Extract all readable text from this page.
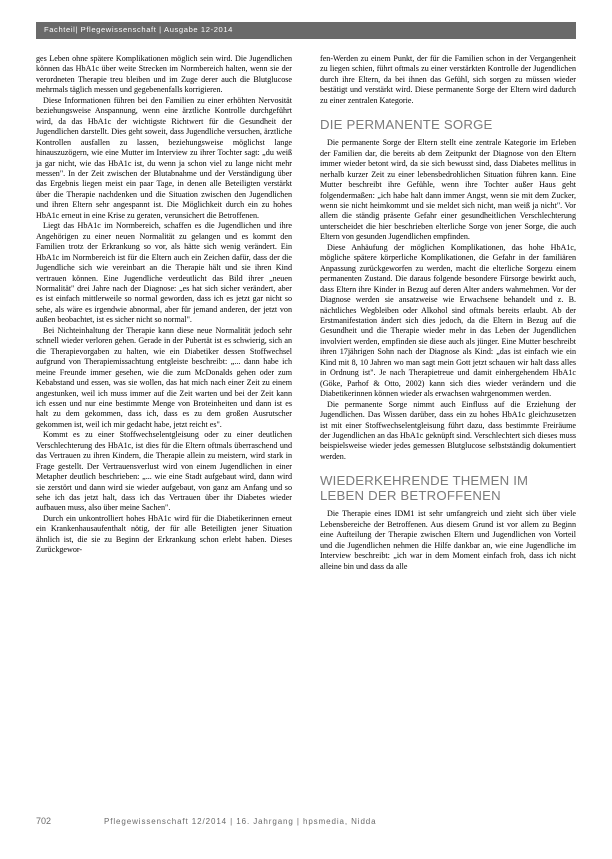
Fachteil| Pflegewissenschaft | Ausgabe 12-2014

ges Leben ohne spätere Komplikationen möglich sein wird. Die Jugendlichen können das HbA1c über weite Strecken im Normbereich halten, wenn sie der verordneten Therapie treu bleiben und im Zuge derer auch die Blutglucose mehrmals täglich messen und gegebenenfalls korrigieren.

Diese Informationen führen bei den Familien zu einer erhöhten Nervosität beziehungsweise Anspannung, wenn eine ärztliche Kontrolle durchgeführt wird, da das HbA1c der wichtigste Richtwert für die Gesundheit der Jugendlichen darstellt. Dies geht soweit, dass Jugendliche versuchen, ärztliche Kontrollen ausfallen zu lassen, beziehungsweise möglichst lange hinauszuzögern, wie eine Mutter im Interview zu ihrer Tochter sagt: „du weiß ja gar nicht, wie das HbA1c ist, du wenn ja schon viel zu lange nicht mehr messen". In der Zeit zwischen der Blutabnahme und der Verständigung über das Ergebnis liegen meist ein paar Tage, in denen alle Beteiligten verstärkt über die Therapie nachdenken und die Situation zwischen den Jugendlichen und ihren Eltern sehr angespannt ist. Die Möglichkeit durch ein zu hohes HbA1c erneut in eine Krise zu geraten, verunsichert die Betroffenen.

Liegt das HbA1c im Normbereich, schaffen es die Jugendlichen und ihre Angehörigen zu einer neuen Normalität zu gelangen und es kommt den Familien trotz der Erkrankung so vor, als hätte sich wenig verändert. Ein HbA1c im Normbereich ist für die Eltern auch ein Zeichen dafür, dass der die Jugendliche sich wie vereinbart an die Therapie hält und sie ihren Kind vertrauen können. Eine Jugendliche verdeutlicht das Bild ihrer „neuen Normalität" drei Jahre nach der Diagnose: „es hat sich sicher verändert, aber es ist einfach mittlerweile so normal geworden, dass ich es jetzt gar nicht so sehe, als wäre es irgendwie abnormal, aber für jemand anderen, der jetzt von außen beobachtet, ist es sicher nicht so normal".

Bei Nichteinhaltung der Therapie kann diese neue Normalität jedoch sehr schnell wieder verloren gehen. Gerade in der Pubertät ist es schwierig, sich an die Therapievorgaben zu halten, wie ein Diabetiker dessen Stoffwechsel aufgrund von Therapiemissachtung entgleiste beschreibt: „... dann habe ich meine Freunde immer gesehen, wie die zum McDonalds gehen oder zum Kebabstand und essen, was sie wollen, das hat mich nach einer Zeit zu einem angestunken, weil ich muss immer auf die Zeit warten und bei der Zeit kann ich essen und nur eine bestimmte Menge von Broteinheiten und dann ist es halt zu dem gekommen, dass ich, dass es zu dem großen Ausrutscher gekommen ist, weil ich mir gedacht habe, jetzt reicht es".

Kommt es zu einer Stoffwechselentgleisung oder zu einer deutlichen Verschlechterung des HbA1c, ist dies für die Eltern oftmals überraschend und das Vertrauen zu ihren Kindern, die Therapie allein zu meistern, wird stark in Frage gestellt. Der Vertrauensverlust wird von einem Jugendlichen in einer Metapher deutlich beschrieben: „... wie eine Stadt aufgebaut wird, dann wird sie zerstört und dann wird sie wieder aufgebaut, von ganz am Anfang und so sehe ich das jetzt halt, dass ich das Vertrauen über ihr Diabetes wieder aufbauen muss, also über meine Sachen".

Durch ein unkontrolliert hohes HbA1c wird für die Diabetikerinnen erneut ein Krankenhausaufenthalt nötig, der für alle Beteiligten jener Situation ähnlich ist, die sie zu Beginn der Erkrankung schon erlebt haben. Dieses Zurückgewor-

fen-Werden zu einem Punkt, der für die Familien schon in der Vergangenheit zu liegen schien, führt oftmals zu einer verstärkten Kontrolle der Jugendlichen durch ihre Eltern, da bei ihnen das Gefühl, sich sorgen zu müssen wieder bestätigt und verstärkt wird. Diese permanente Sorge der Eltern wird dadurch zu einer zentralen Kategorie.

DIE PERMANENTE SORGE

Die permanente Sorge der Eltern stellt eine zentrale Kategorie im Erleben der Familien dar, die bereits ab dem Zeitpunkt der Diagnose von den Eltern immer wieder betont wird, da sie sich bewusst sind, dass Diabetes mellitus in nerhalb kurzer Zeit zu einer lebensbedrohlichen Situation führen kann. Eine Mutter beschreibt ihre Gefühle, wenn ihre Tochter außer Haus geht folgendermaßen: „ich habe halt dann immer Angst, wenn sie mit dem Zucker, wenn sie nicht heimkommt und sie meldet sich nicht, man weiß ja nicht". Vor allem die ständig präsente Gefahr einer gesundheitlichen Verschlechterung unterscheidet die hier beschrieben elterliche Sorge von jener Sorge, die auch Eltern von gesunden Jugendlichen empfinden.

Diese Anhäufung der möglichen Komplikationen, das hohe HbA1c, mögliche spätere körperliche Komplikationen, die Gefahr in der familiären Anpassung zurückgeworfen zu werden, macht die elterliche Sorgezu einem permanenten Zustand. Die daraus folgende besondere Fürsorge bewirkt auch, dass Eltern ihre Kinder in Bezug auf deren Alter anders wahrnehmen. Vor der Diagnose werden sie ansatzweise wie Erwachsene behandelt und z. B. nächtliches Wegbleiben oder Alkohol sind oftmals bereits erlaubt. Ab der Erstmanifestation ändert sich dies jedoch, da die Eltern in Bezug auf die Gesundheit und die Therapie wieder mehr in das Leben der Jugendlichen involviert werden, empfinden sie diese auch als jünger. Eine Mutter beschreibt ihren 17jährigen Sohn nach der Diagnose als Kind: „das ist einfach wie ein Kind mit 8, 10 Jahren wo man sagt mein Gott jetzt schauen wir halt dass alles in Ordnung ist". Je nach Therapietreue und damit einhergehendem HbA1c (Göke, Parhof & Otto, 2002) kann sich dies wieder verändern und die Diabetikerinnen können wieder als erwachsen wahrgenommen werden.

Die permanente Sorge nimmt auch Einfluss auf die Erziehung der Jugendlichen. Das Wissen darüber, dass ein zu hohes HbA1c gleichzusetzen ist mit einer Stoffwechselentgleisung führt dazu, dass bestimmte Freiräume der Jugendlichen an das HbA1c geknüpft sind. Verschlechtert sich dieses muss beispielsweise wieder jedes gemessen Blutglucose selbstständig dokumentiert werden.

WIEDERKEHRENDE THEMEN IM LEBEN DER BETROFFENEN

Die Therapie eines IDM1 ist sehr umfangreich und zieht sich über viele Lebensbereiche der Betroffenen. Aus diesem Grund ist vor allem zu Beginn eine Aufteilung der Therapie zwischen Eltern und Jugendlichen von Vorteil und die Jugendlichen nehmen die Hilfe dankbar an, wie eine Jugendliche im Interview beschreibt: „ich war in dem Moment einfach froh, dass ich nicht alleine bin und dass da alle

702	Pflegewissenschaft 12/2014 | 16. Jahrgang | hpsmedia, Nidda
